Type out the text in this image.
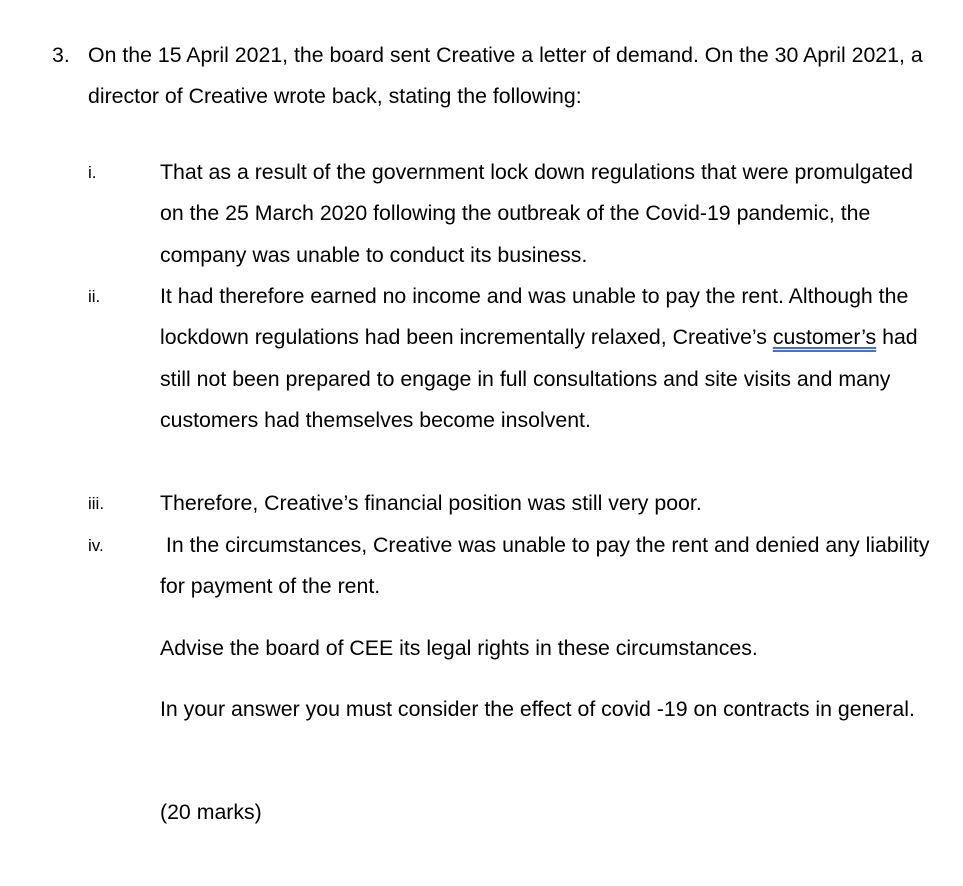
3. On the 15 April 2021, the board sent Creative a letter of demand. On the 30 April 2021, a director of Creative wrote back, stating the following:
i.	That as a result of the government lock down regulations that were promulgated on the 25 March 2020 following the outbreak of the Covid-19 pandemic, the company was unable to conduct its business.
ii.	It had therefore earned no income and was unable to pay the rent. Although the lockdown regulations had been incrementally relaxed, Creative’s customer’s had still not been prepared to engage in full consultations and site visits and many customers had themselves become insolvent.
iii.	Therefore, Creative’s financial position was still very poor.
iv.	In the circumstances, Creative was unable to pay the rent and denied any liability for payment of the rent.
Advise the board of CEE its legal rights in these circumstances.
In your answer you must consider the effect of covid -19 on contracts in general.
(20 marks)
